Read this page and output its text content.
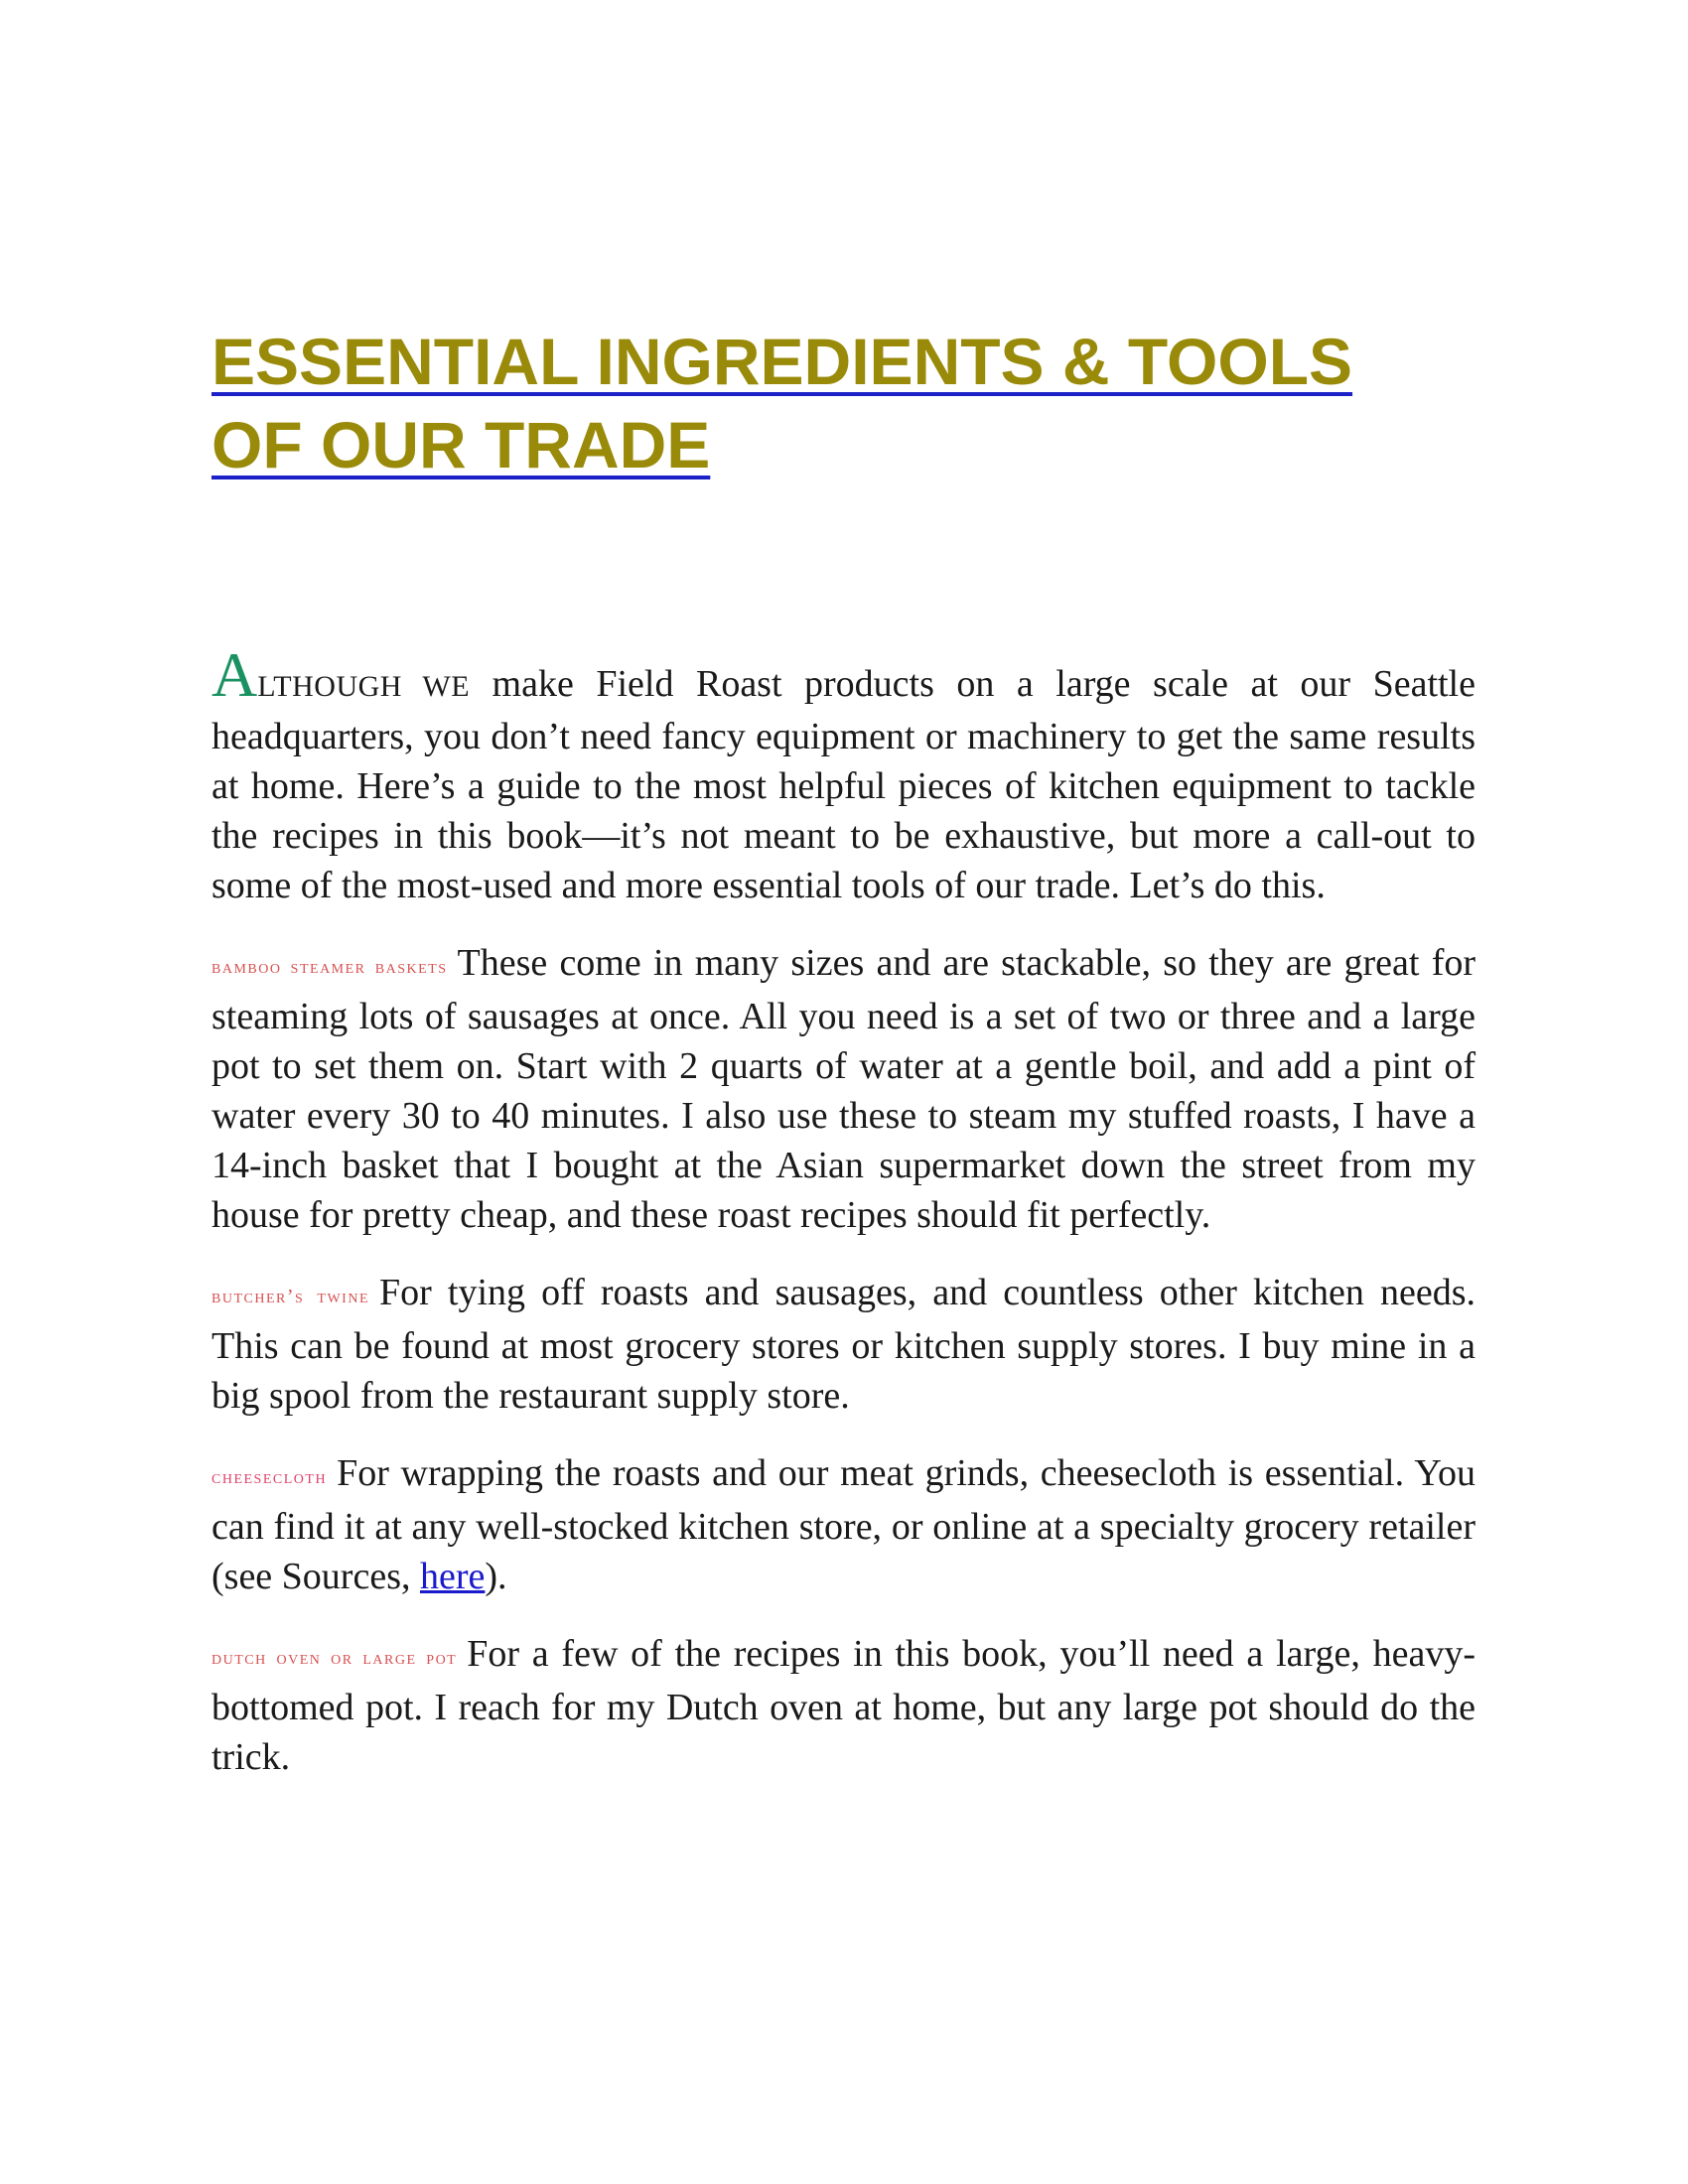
ESSENTIAL INGREDIENTS & TOOLS
OF OUR TRADE

ALTHOUGH WE make Field Roast products on a large scale at our Seattle headquarters, you don’t need fancy equipment or machinery to get the same results at home. Here’s a guide to the most helpful pieces of kitchen equipment to tackle the recipes in this book—it’s not meant to be exhaustive, but more a call-out to some of the most-used and more essential tools of our trade. Let’s do this.

bamboo steamer baskets These come in many sizes and are stackable, so they are great for steaming lots of sausages at once. All you need is a set of two or three and a large pot to set them on. Start with 2 quarts of water at a gentle boil, and add a pint of water every 30 to 40 minutes. I also use these to steam my stuffed roasts, I have a 14-inch basket that I bought at the Asian supermarket down the street from my house for pretty cheap, and these roast recipes should fit perfectly.

butcher’s twine For tying off roasts and sausages, and countless other kitchen needs. This can be found at most grocery stores or kitchen supply stores. I buy mine in a big spool from the restaurant supply store.

cheesecloth For wrapping the roasts and our meat grinds, cheesecloth is essential. You can find it at any well-stocked kitchen store, or online at a specialty grocery retailer (see Sources, here).

dutch oven or large pot For a few of the recipes in this book, you’ll need a large, heavy-bottomed pot. I reach for my Dutch oven at home, but any large pot should do the trick.
